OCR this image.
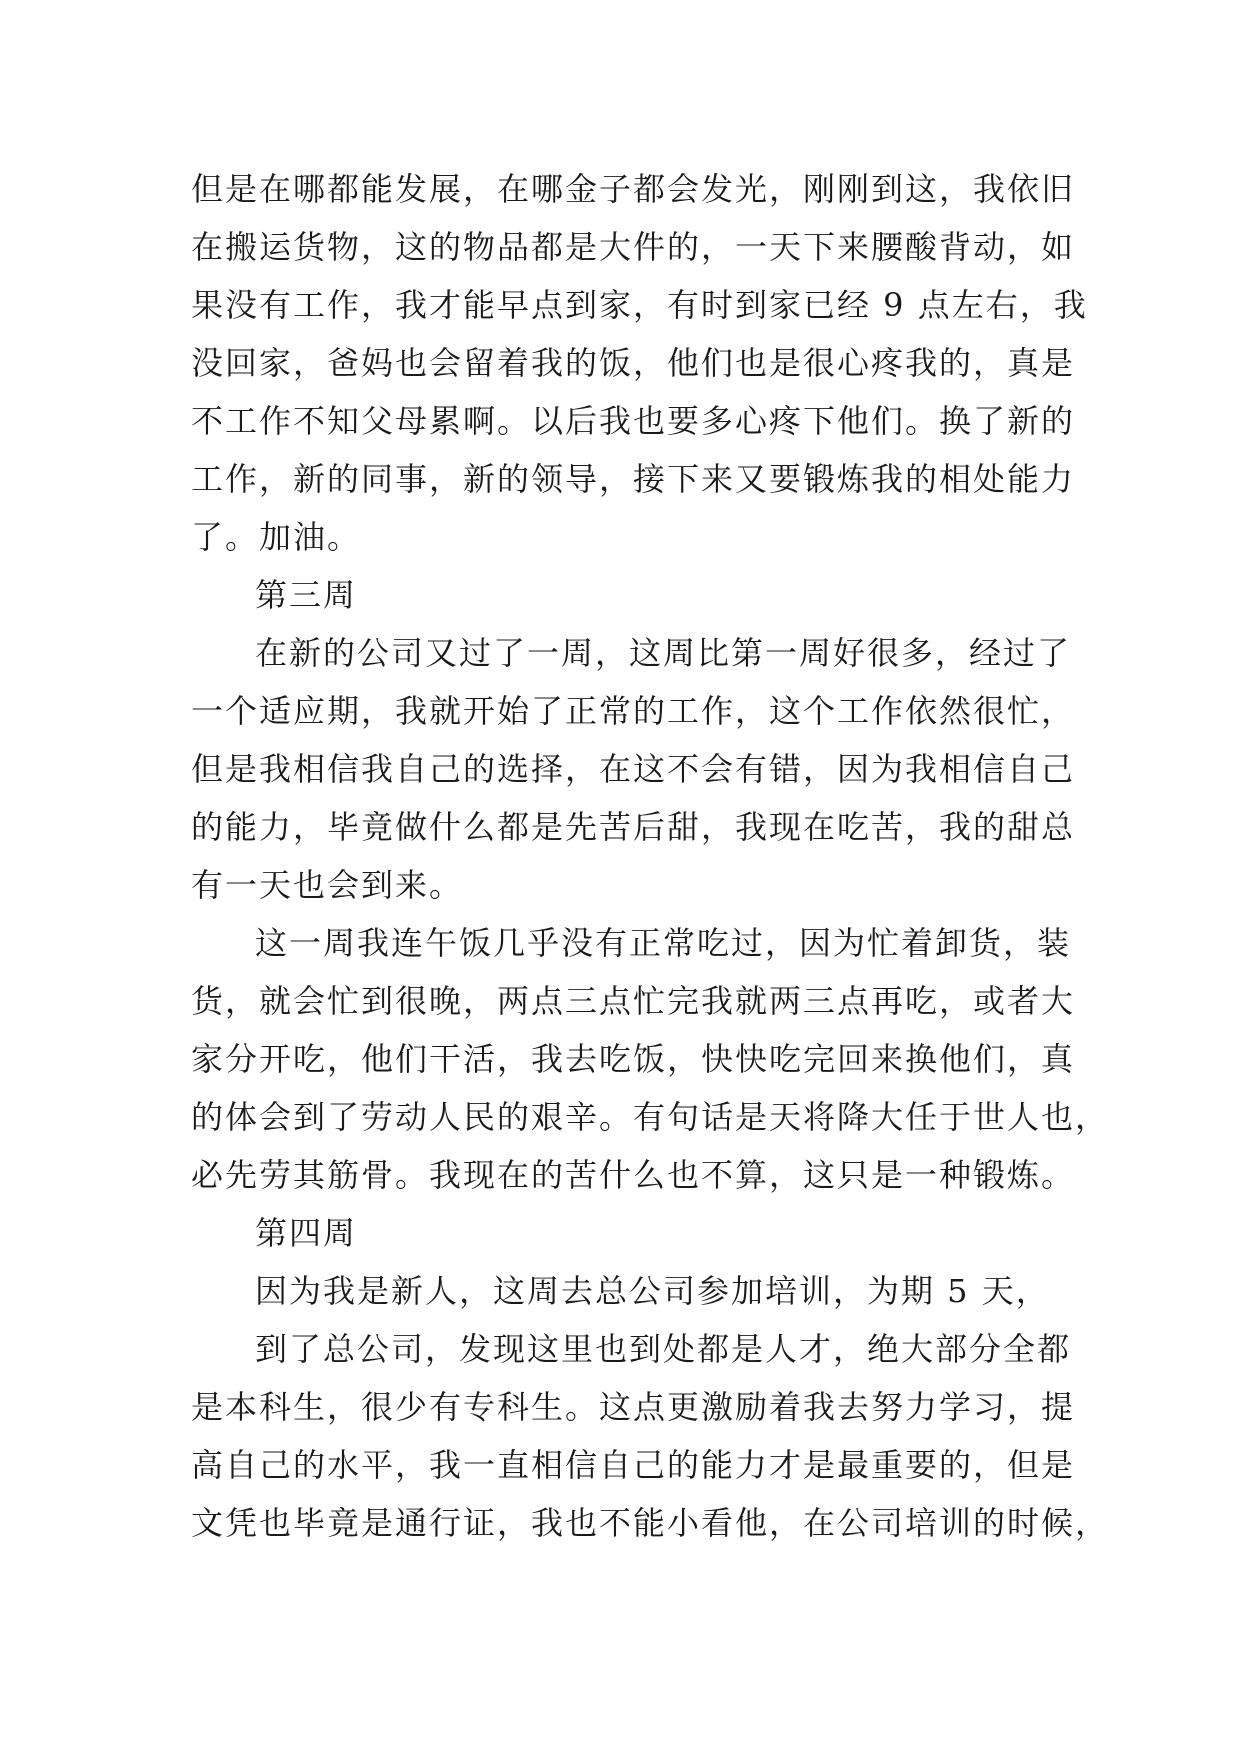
但是在哪都能发展，在哪金子都会发光，刚刚到这，我依旧
在搬运货物，这的物品都是大件的，一天下来腰酸背动，如
果没有工作，我才能早点到家，有时到家已经 9 点左右，我
没回家，爸妈也会留着我的饭，他们也是很心疼我的，真是
不工作不知父母累啊。以后我也要多心疼下他们。换了新的
工作，新的同事，新的领导，接下来又要锻炼我的相处能力
了。加油。
第三周
在新的公司又过了一周，这周比第一周好很多，经过了
一个适应期，我就开始了正常的工作，这个工作依然很忙，
但是我相信我自己的选择，在这不会有错，因为我相信自己
的能力，毕竟做什么都是先苦后甜，我现在吃苦，我的甜总
有一天也会到来。
这一周我连午饭几乎没有正常吃过，因为忙着卸货，装
货，就会忙到很晚，两点三点忙完我就两三点再吃，或者大
家分开吃，他们干活，我去吃饭，快快吃完回来换他们，真
的体会到了劳动人民的艰辛。有句话是天将降大任于世人也，
必先劳其筋骨。我现在的苦什么也不算，这只是一种锻炼。
第四周
因为我是新人，这周去总公司参加培训，为期 5 天，
到了总公司，发现这里也到处都是人才，绝大部分全都
是本科生，很少有专科生。这点更激励着我去努力学习，提
高自己的水平，我一直相信自己的能力才是最重要的，但是
文凭也毕竟是通行证，我也不能小看他，在公司培训的时候，
